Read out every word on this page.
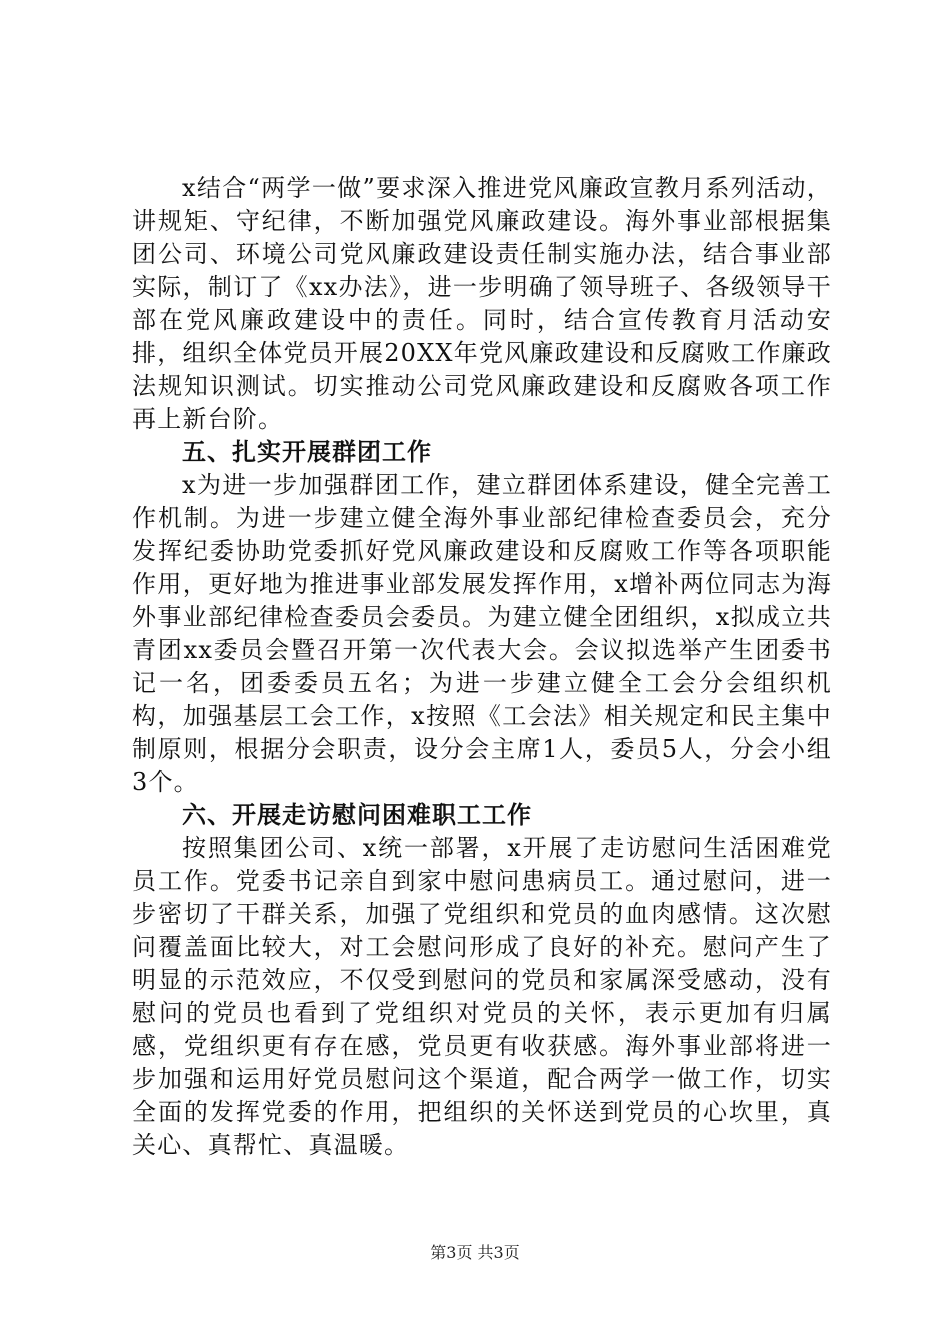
x结合“两学一做”要求深入推进党风廉政宣教月系列活动，讲规矩、守纪律，不断加强党风廉政建设。海外事业部根据集团公司、环境公司党风廉政建设责任制实施办法，结合事业部实际，制订了《xx办法》，进一步明确了领导班子、各级领导干部在党风廉政建设中的责任。同时，结合宣传教育月活动安排，组织全体党员开展20XX年党风廉政建设和反腐败工作廉政法规知识测试。切实推动公司党风廉政建设和反腐败各项工作再上新台阶。

五、扎实开展群团工作

x为进一步加强群团工作，建立群团体系建设，健全完善工作机制。为进一步建立健全海外事业部纪律检查委员会，充分发挥纪委协助党委抓好党风廉政建设和反腐败工作等各项职能作用，更好地为推进事业部发展发挥作用，x增补两位同志为海外事业部纪律检查委员会委员。为建立健全团组织，x拟成立共青团xx委员会暨召开第一次代表大会。会议拟选举产生团委书记一名，团委委员五名；为进一步建立健全工会分会组织机构，加强基层工会工作，x按照《工会法》相关规定和民主集中制原则，根据分会职责，设分会主席1人，委员5人，分会小组3个。

六、开展走访慰问困难职工工作

按照集团公司、x统一部署，x开展了走访慰问生活困难党员工作。党委书记亲自到家中慰问患病员工。通过慰问，进一步密切了干群关系，加强了党组织和党员的血肉感情。这次慰问覆盖面比较大，对工会慰问形成了良好的补充。慰问产生了明显的示范效应，不仅受到慰问的党员和家属深受感动，没有慰问的党员也看到了党组织对党员的关怀，表示更加有归属感，党组织更有存在感，党员更有收获感。海外事业部将进一步加强和运用好党员慰问这个渠道，配合两学一做工作，切实全面的发挥党委的作用，把组织的关怀送到党员的心坎里，真关心、真帮忙、真温暖。

第3页 共3页
